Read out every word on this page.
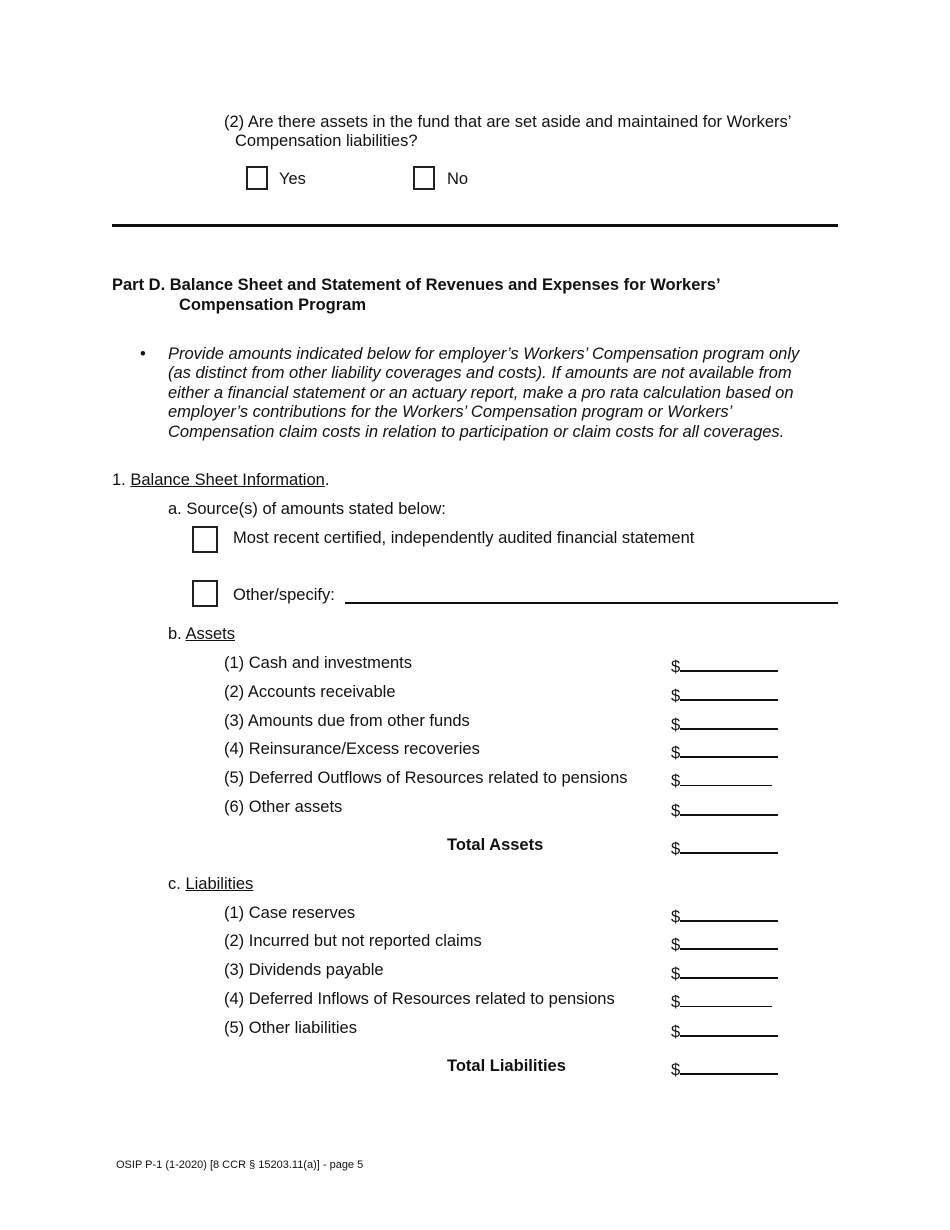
(2) Are there assets in the fund that are set aside and maintained for Workers’
Compensation liabilities?
Yes	No
Part D. Balance Sheet and Statement of Revenues and Expenses for Workers’
Compensation Program
• Provide amounts indicated below for employer’s Workers’ Compensation program only
(as distinct from other liability coverages and costs). If amounts are not available from
either a financial statement or an actuary report, make a pro rata calculation based on
employer’s contributions for the Workers’ Compensation program or Workers’
Compensation claim costs in relation to participation or claim costs for all coverages.
1. Balance Sheet Information.
a. Source(s) of amounts stated below:
Most recent certified, independently audited financial statement
Other/specify:
b. Assets
(1) Cash and investments	$
(2) Accounts receivable	$
(3) Amounts due from other funds	$
(4) Reinsurance/Excess recoveries	$
(5) Deferred Outflows of Resources related to pensions	$
(6) Other assets	$
Total Assets	$
c. Liabilities
(1) Case reserves	$
(2) Incurred but not reported claims	$
(3) Dividends payable	$
(4) Deferred Inflows of Resources related to pensions	$
(5) Other liabilities	$
Total Liabilities	$
OSIP P-1 (1-2020) [8 CCR § 15203.11(a)] - page 5
